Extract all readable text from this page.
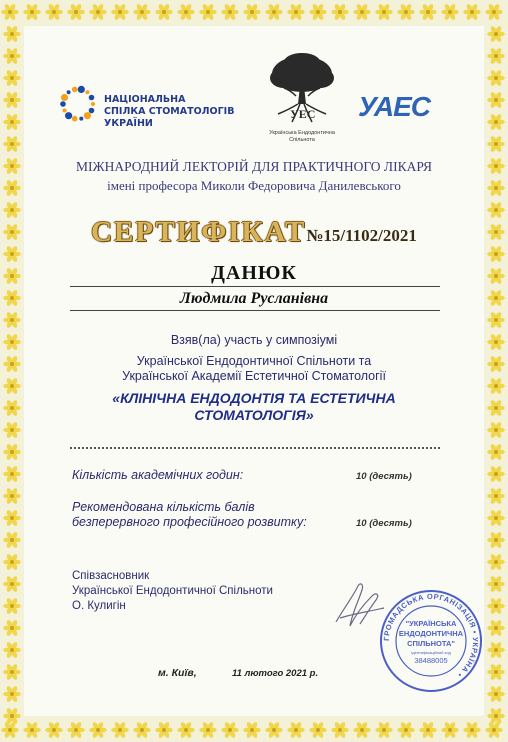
НАЦІОНАЛЬНА
СПІЛКА СТОМАТОЛОГІВ
УКРАЇНИ
УЕС
Українська Ендодонтична
Спільнота
УАЕС
МІЖНАРОДНИЙ ЛЕКТОРІЙ ДЛЯ ПРАКТИЧНОГО ЛІКАРЯ
імені професора Миколи Федоровича Данилевського
СЕРТИФІКАТ№15/1102/2021
ДАНЮК
Людмила Русланівна
Взяв(ла) участь у симпозіумі
Української Ендодонтичної Спільноти та
Української Академії Естетичної Стоматології
«КЛІНІЧНА ЕНДОДОНТІЯ ТА ЕСТЕТИЧНА
СТОМАТОЛОГІЯ»
Кількість академічних годин:	10 (десять)
Рекомендована кількість балів
безперервного професійного розвитку:	10 (десять)
Співзасновник
Української Ендодонтичної Спільноти
О. Кулигін
ГРОМАДСЬКА ОРГАНІЗАЦІЯ • УКРАЇНА •
"УКРАЇНСЬКА
ЕНДОДОНТИЧНА
СПІЛЬНОТА"
Ідентифікаційний код
38488005
м. Київ,	11 лютого 2021 р.
